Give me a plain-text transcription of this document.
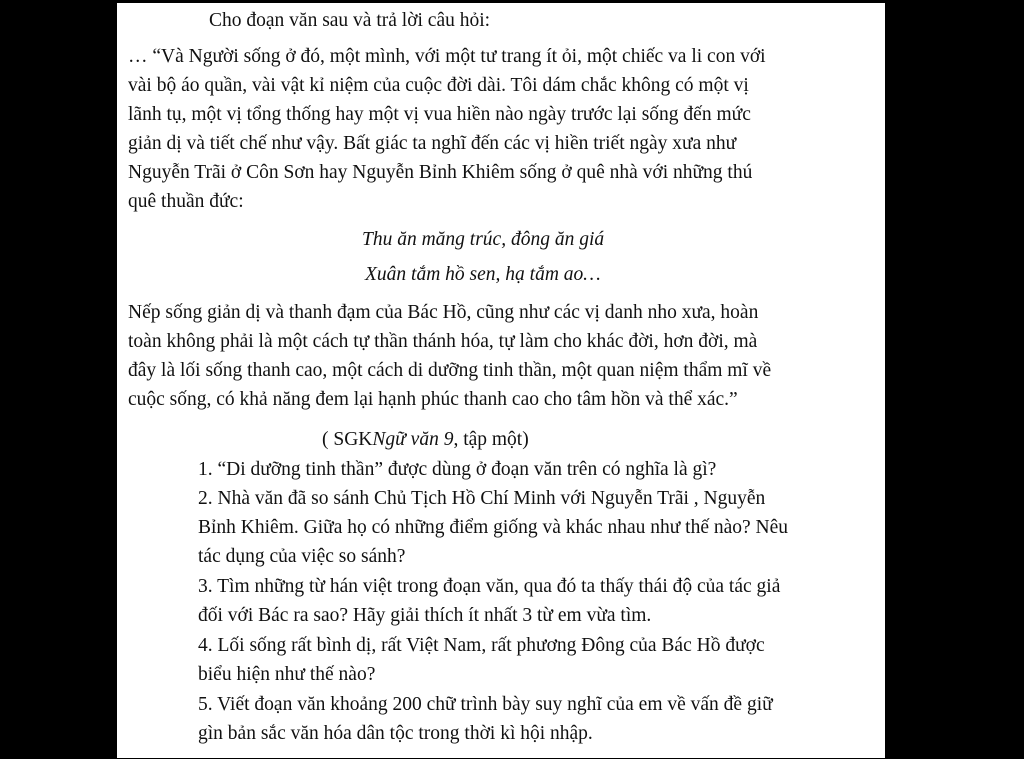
Cho đoạn văn sau và trả lời câu hỏi:
… “Và Người sống ở đó, một mình, với một tư trang ít ỏi, một chiếc va li con với
vài bộ áo quần, vài vật kỉ niệm của cuộc đời dài. Tôi dám chắc không có một vị
lãnh tụ, một vị tổng thống hay một vị vua hiền nào ngày trước lại sống đến mức
giản dị và tiết chế như vậy. Bất giác ta nghĩ đến các vị hiền triết ngày xưa như
Nguyễn Trãi ở Côn Sơn hay Nguyễn Bỉnh Khiêm sống ở quê nhà với những thú
quê thuần đức:
Thu ăn măng trúc, đông ăn giá
Xuân tắm hồ sen, hạ tắm ao…
Nếp sống giản dị và thanh đạm của Bác Hồ, cũng như các vị danh nho xưa, hoàn
toàn không phải là một cách tự thần thánh hóa, tự làm cho khác đời, hơn đời, mà
đây là lối sống thanh cao, một cách di dưỡng tinh thần, một quan niệm thẩm mĩ về
cuộc sống, có khả năng đem lại hạnh phúc thanh cao cho tâm hồn và thể xác.”
( SGKNgữ văn 9, tập một)
1. “Di dưỡng tinh thần” được dùng ở đoạn văn trên có nghĩa là gì?
2. Nhà văn đã so sánh Chủ Tịch Hồ Chí Minh với Nguyễn Trãi , Nguyễn
Bỉnh Khiêm. Giữa họ có những điểm giống và khác nhau như thế nào? Nêu
tác dụng của việc so sánh?
3. Tìm những từ hán việt trong đoạn văn, qua đó ta thấy thái độ của tác giả
đối với Bác ra sao? Hãy giải thích ít nhất 3 từ em vừa tìm.
4. Lối sống rất bình dị, rất Việt Nam, rất phương Đông của Bác Hồ được
biểu hiện như thế nào?
5. Viết đoạn văn khoảng 200 chữ trình bày suy nghĩ của em về vấn đề giữ
gìn bản sắc văn hóa dân tộc trong thời kì hội nhập.
